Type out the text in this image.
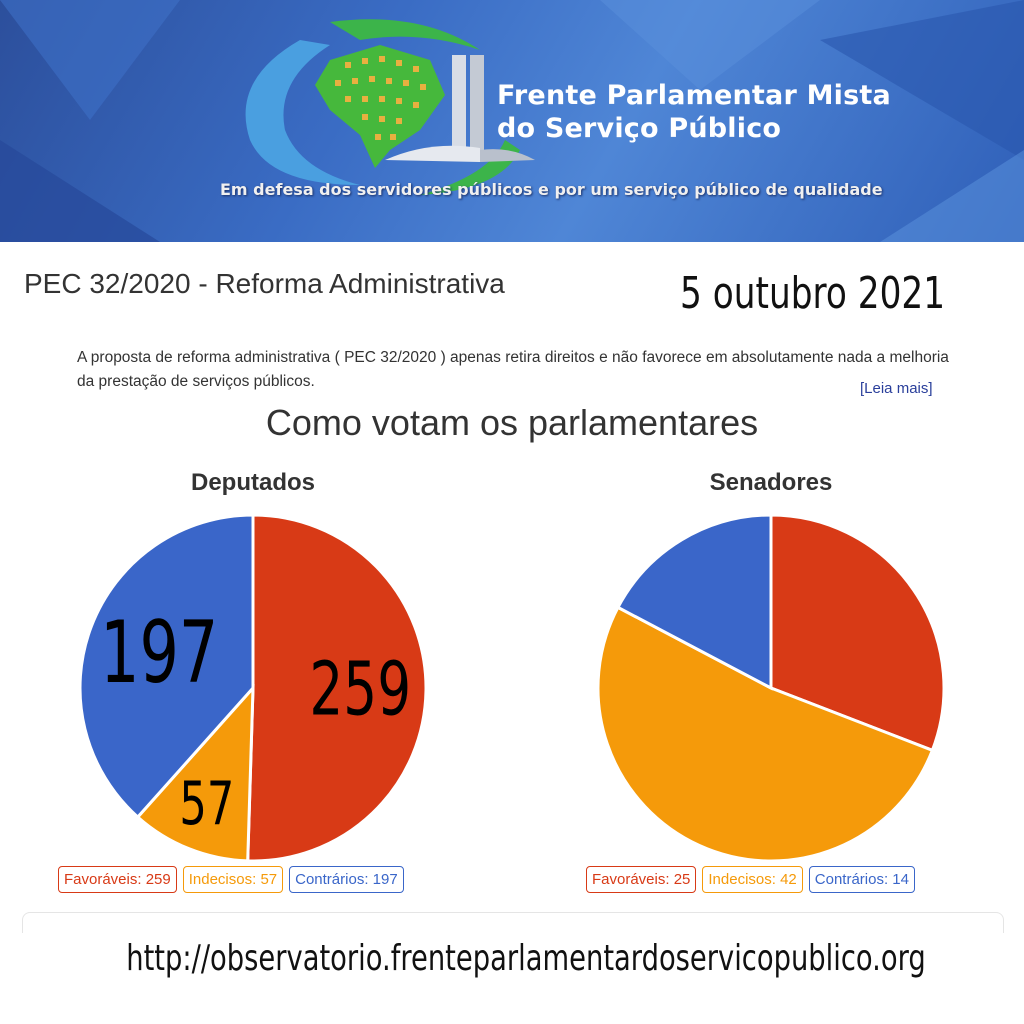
Frente Parlamentar Mista
do Serviço Público
Em defesa dos servidores públicos e por um serviço público de qualidade
PEC 32/2020 - Reforma Administrativa	5 outubro 2021
A proposta de reforma administrativa ( PEC 32/2020 ) apenas retira direitos e não favorece em absolutamente nada a melhoria da prestação de serviços públicos.	[Leia mais]
Como votam os parlamentares
259
57
197
Deputados	Senadores
Favoráveis: 259	Indecisos: 57	Contrários: 197	Favoráveis: 25	Indecisos: 42	Contrários: 14
http://observatorio.frenteparlamentardoservicopublico.org
